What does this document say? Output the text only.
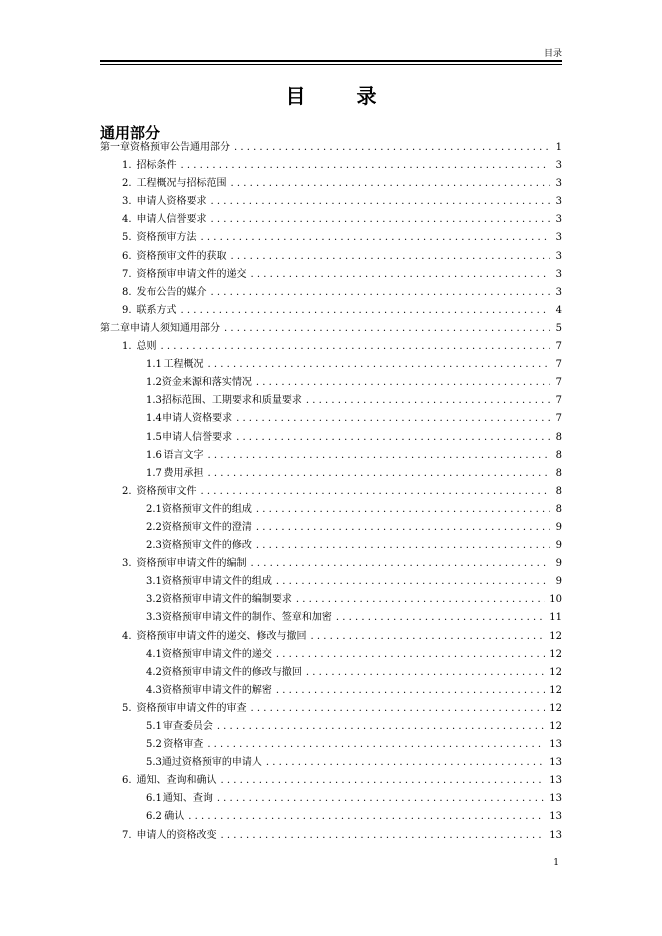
目录
目 录
通用部分
第一章 资格预审公告通用部分 . . .	1
1. 招标条件 . . .	3
2. 工程概况与招标范围 . . .	3
3. 申请人资格要求 . . .	3
4. 申请人信誉要求 . . .	3
5. 资格预审方法 . . .	3
6. 资格预审文件的获取 . . .	3
7. 资格预审申请文件的递交 . . .	3
8. 发布公告的媒介 . . .	3
9. 联系方式 . . .	4
第二章 申请人须知通用部分 . . .	5
1. 总则 . . .	7
1.1 工程概况 . . .	7
1.2 资金来源和落实情况 . . .	7
1.3 招标范围、工期要求和质量要求 . . .	7
1.4 申请人资格要求 . . .	7
1.5 申请人信誉要求 . . .	8
1.6 语言文字 . . .	8
1.7 费用承担 . . .	8
2. 资格预审文件 . . .	8
2.1 资格预审文件的组成 . . .	8
2.2 资格预审文件的澄清 . . .	9
2.3 资格预审文件的修改 . . .	9
3. 资格预审申请文件的编制 . . .	9
3.1 资格预审申请文件的组成 . . .	9
3.2 资格预审申请文件的编制要求 . . .	10
3.3 资格预审申请文件的制作、签章和加密 . . .	11
4. 资格预审申请文件的递交、修改与撤回 . . .	12
4.1 资格预审申请文件的递交 . . .	12
4.2 资格预审申请文件的修改与撤回 . . .	12
4.3 资格预审申请文件的解密 . . .	12
5. 资格预审申请文件的审查 . . .	12
5.1 审查委员会 . . .	12
5.2 资格审查 . . .	13
5.3 通过资格预审的申请人 . . .	13
6. 通知、查询和确认 . . .	13
6.1 通知、查询 . . .	13
6.2 确认 . . .	13
7. 申请人的资格改变 . . .	13
1
